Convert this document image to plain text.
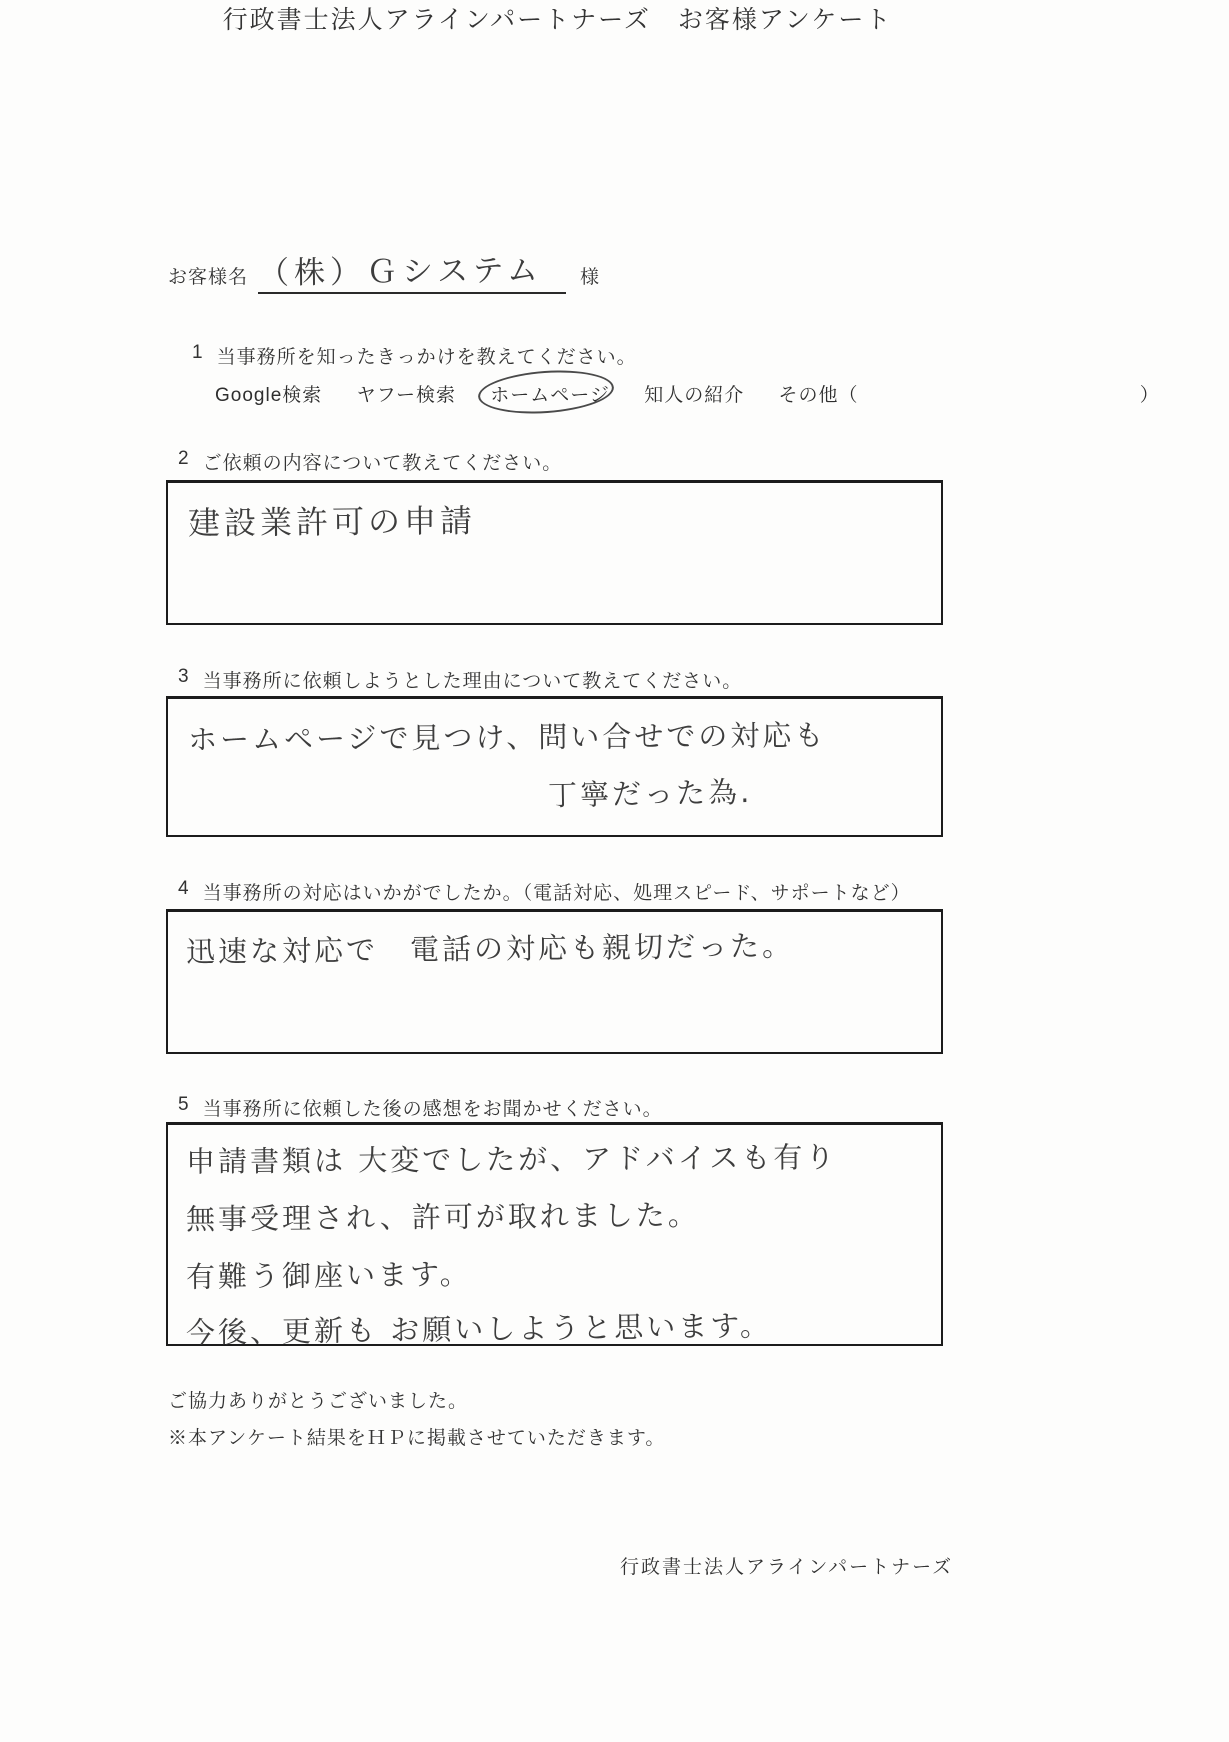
行政書士法人アラインパートナーズ　お客様アンケート
お客様名 （株）Ｇシステム	様
1 当事務所を知ったきっかけを教えてください。
Google検索 ヤフー検索 ホームページ 知人の紹介 その他（	）
2 ご依頼の内容について教えてください。
建設業許可の申請
3 当事務所に依頼しようとした理由について教えてください。
ホームページで見つけ、問い合せでの対応も
丁寧だった為.
4 当事務所の対応はいかがでしたか。（電話対応、処理スピード、サポートなど）
迅速な対応で　電話の対応も親切だった。
5 当事務所に依頼した後の感想をお聞かせください。
申請書類は 大変でしたが、アドバイスも有り
無事受理され、許可が取れました。
有難う御座います。
今後、更新も お願いしようと思います。
ご協力ありがとうございました。
※本アンケート結果をＨＰに掲載させていただきます。
行政書士法人アラインパートナーズ
